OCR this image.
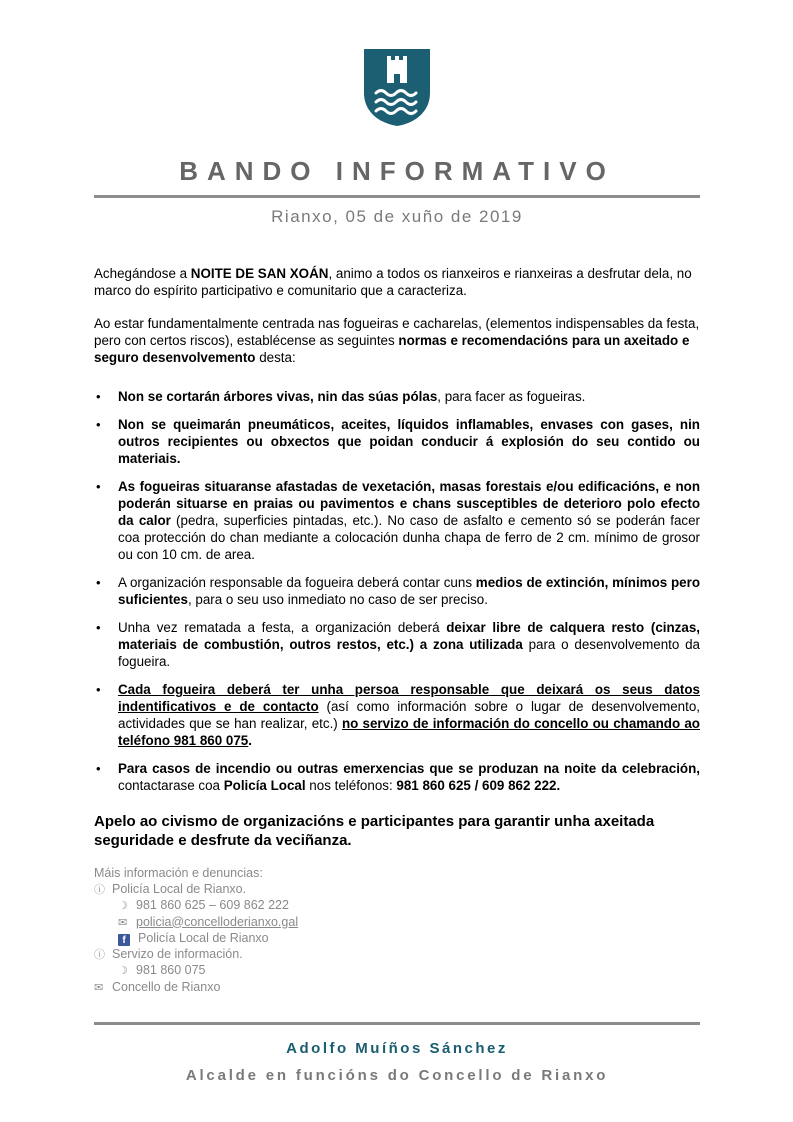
BANDO INFORMATIVO
Rianxo, 05 de xuño de 2019

Achegándose a NOITE DE SAN XOÁN, animo a todos os rianxeiros e rianxeiras a desfrutar dela, no marco do espírito participativo e comunitario que a caracteriza.

Ao estar fundamentalmente centrada nas fogueiras e cacharelas, (elementos indispensables da festa, pero con certos riscos), establécense as seguintes normas e recomendacións para un axeitado e seguro desenvolvemento desta:

• Non se cortarán árbores vivas, nin das súas pólas, para facer as fogueiras.
• Non se queimarán pneumáticos, aceites, líquidos inflamables, envases con gases, nin outros recipientes ou obxectos que poidan conducir á explosión do seu contido ou materiais.
• As fogueiras situaranse afastadas de vexetación, masas forestais e/ou edificacións, e non poderán situarse en praias ou pavimentos e chans susceptibles de deterioro polo efecto da calor (pedra, superficies pintadas, etc.). No caso de asfalto e cemento só se poderán facer coa protección do chan mediante a colocación dunha chapa de ferro de 2 cm. mínimo de grosor ou con 10 cm. de area.
• A organización responsable da fogueira deberá contar cuns medios de extinción, mínimos pero suficientes, para o seu uso inmediato no caso de ser preciso.
• Unha vez rematada a festa, a organización deberá deixar libre de calquera resto (cinzas, materiais de combustión, outros restos, etc.) a zona utilizada para o desenvolvemento da fogueira.
• Cada fogueira deberá ter unha persoa responsable que deixará os seus datos indentificativos e de contacto (así como información sobre o lugar de desenvolvemento, actividades que se han realizar, etc.) no servizo de información do concello ou chamando ao teléfono 981 860 075.
• Para casos de incendio ou outras emerxencias que se produzan na noite da celebración, contactarase coa Policía Local nos teléfonos: 981 860 625 / 609 862 222.
Apelo ao civismo de organizacións e participantes para garantir unha axeitada seguridade e desfrute da veciñanza.
Máis información e denuncias:
ⓘ Policía Local de Rianxo.
☽ 981 860 625 – 609 862 222
✉ policia@concelloderianxo.gal
f Policía Local de Rianxo
ⓘ Servizo de información.
☽ 981 860 075
✉ Concello de Rianxo
Adolfo Muíños Sánchez
Alcalde en funcións do Concello de Rianxo
